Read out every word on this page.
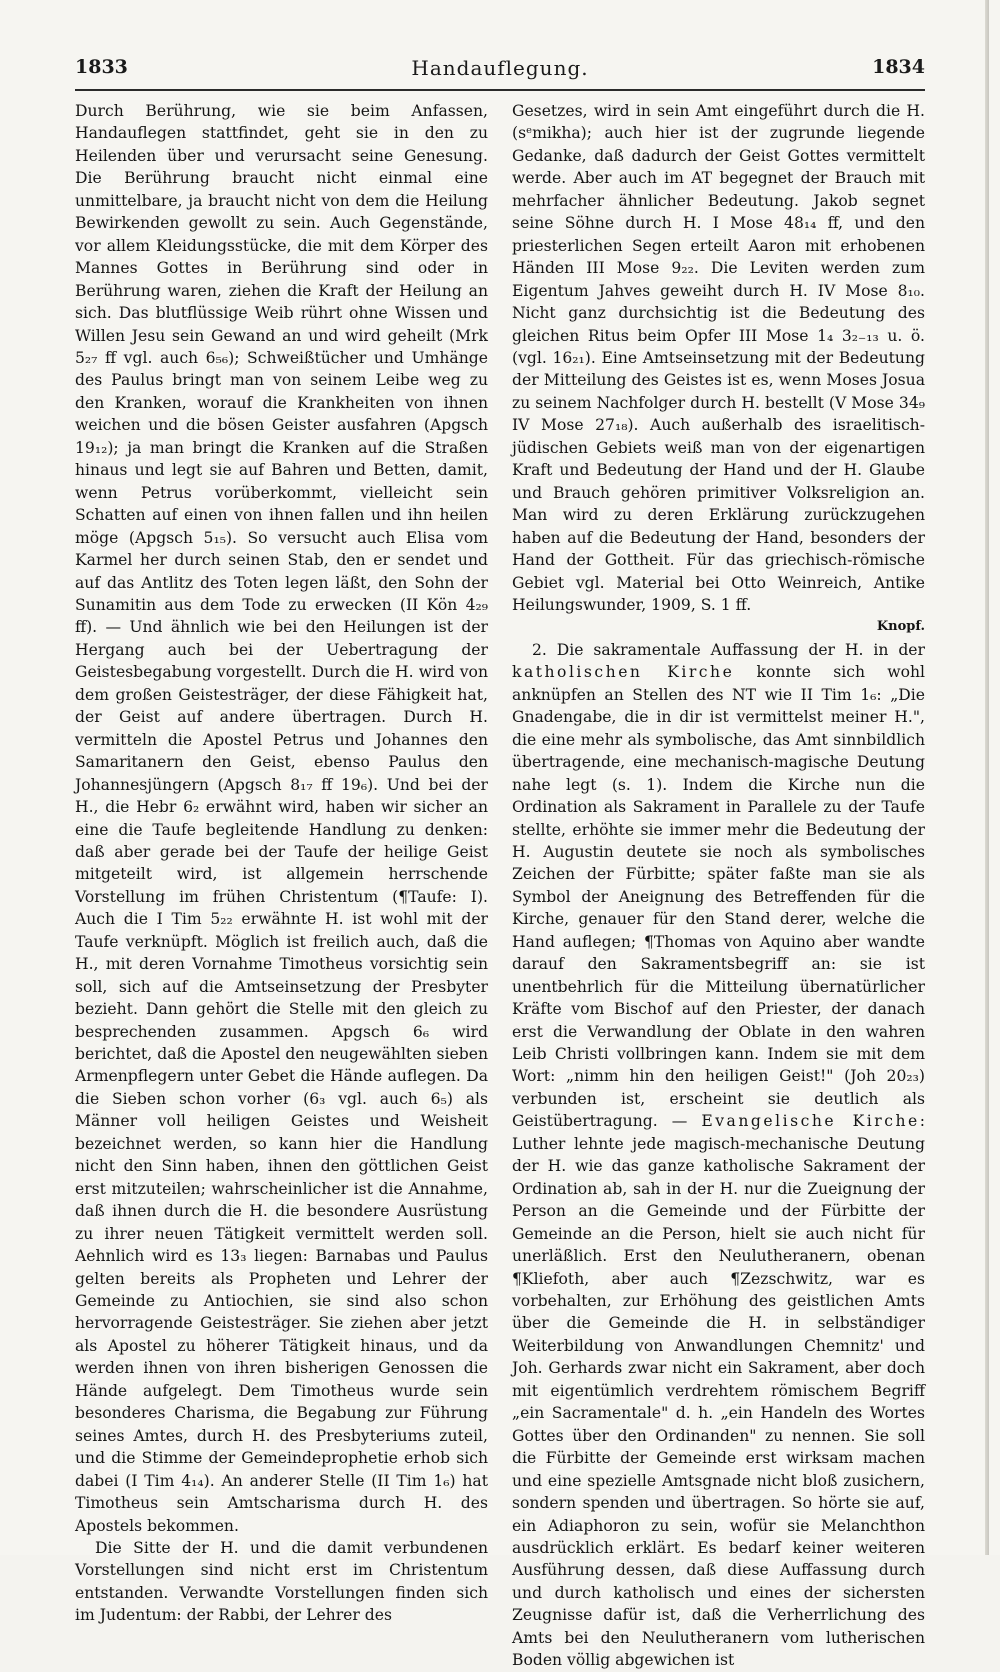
1833	Handauflegung.	1834

Durch Berührung, wie sie beim Anfassen, Handauflegen stattfindet, geht sie in den zu Heilenden über und verursacht seine Genesung. Die Berührung braucht nicht einmal eine unmittelbare, ja braucht nicht von dem die Heilung Bewirkenden gewollt zu sein. Auch Gegenstände, vor allem Kleidungsstücke, die mit dem Körper des Mannes Gottes in Berührung sind oder in Berührung waren, ziehen die Kraft der Heilung an sich. Das blutflüssige Weib rührt ohne Wissen und Willen Jesu sein Gewand an und wird geheilt (Mrk 5₂₇ ff vgl. auch 6₅₆); Schweißtücher und Umhänge des Paulus bringt man von seinem Leibe weg zu den Kranken, worauf die Krankheiten von ihnen weichen und die bösen Geister ausfahren (Apgsch 19₁₂); ja man bringt die Kranken auf die Straßen hinaus und legt sie auf Bahren und Betten, damit, wenn Petrus vorüberkommt, vielleicht sein Schatten auf einen von ihnen fallen und ihn heilen möge (Apgsch 5₁₅). So versucht auch Elisa vom Karmel her durch seinen Stab, den er sendet und auf das Antlitz des Toten legen läßt, den Sohn der Sunamitin aus dem Tode zu erwecken (II Kön 4₂₉ ff). — Und ähnlich wie bei den Heilungen ist der Hergang auch bei der Uebertragung der Geistesbegabung vorgestellt. Durch die H. wird von dem großen Geistesträger, der diese Fähigkeit hat, der Geist auf andere übertragen. Durch H. vermitteln die Apostel Petrus und Johannes den Samaritanern den Geist, ebenso Paulus den Johannesjüngern (Apgsch 8₁₇ ff 19₆). Und bei der H., die Hebr 6₂ erwähnt wird, haben wir sicher an eine die Taufe begleitende Handlung zu denken: daß aber gerade bei der Taufe der heilige Geist mitgeteilt wird, ist allgemein herrschende Vorstellung im frühen Christentum (¶Taufe: I). Auch die I Tim 5₂₂ erwähnte H. ist wohl mit der Taufe verknüpft. Möglich ist freilich auch, daß die H., mit deren Vornahme Timotheus vorsichtig sein soll, sich auf die Amtseinsetzung der Presbyter bezieht. Dann gehört die Stelle mit den gleich zu besprechenden zusammen. Apgsch 6₆ wird berichtet, daß die Apostel den neugewählten sieben Armenpflegern unter Gebet die Hände auflegen. Da die Sieben schon vorher (6₃ vgl. auch 6₅) als Männer voll heiligen Geistes und Weisheit bezeichnet werden, so kann hier die Handlung nicht den Sinn haben, ihnen den göttlichen Geist erst mitzuteilen; wahrscheinlicher ist die Annahme, daß ihnen durch die H. die besondere Ausrüstung zu ihrer neuen Tätigkeit vermittelt werden soll. Aehnlich wird es 13₃ liegen: Barnabas und Paulus gelten bereits als Propheten und Lehrer der Gemeinde zu Antiochien, sie sind also schon hervorragende Geistesträger. Sie ziehen aber jetzt als Apostel zu höherer Tätigkeit hinaus, und da werden ihnen von ihren bisherigen Genossen die Hände aufgelegt. Dem Timotheus wurde sein besonderes Charisma, die Begabung zur Führung seines Amtes, durch H. des Presbyteriums zuteil, und die Stimme der Gemeindeprophetie erhob sich dabei (I Tim 4₁₄). An anderer Stelle (II Tim 1₆) hat Timotheus sein Amtscharisma durch H. des Apostels bekommen.

Die Sitte der H. und die damit verbundenen Vorstellungen sind nicht erst im Christentum entstanden. Verwandte Vorstellungen finden sich im Judentum: der Rabbi, der Lehrer des

Gesetzes, wird in sein Amt eingeführt durch die H. (sᵉmikha); auch hier ist der zugrunde liegende Gedanke, daß dadurch der Geist Gottes vermittelt werde. Aber auch im AT begegnet der Brauch mit mehrfacher ähnlicher Bedeutung. Jakob segnet seine Söhne durch H. I Mose 48₁₄ ff, und den priesterlichen Segen erteilt Aaron mit erhobenen Händen III Mose 9₂₂. Die Leviten werden zum Eigentum Jahves geweiht durch H. IV Mose 8₁₀. Nicht ganz durchsichtig ist die Bedeutung des gleichen Ritus beim Opfer III Mose 1₄ 3₂₋₁₃ u. ö. (vgl. 16₂₁). Eine Amtseinsetzung mit der Bedeutung der Mitteilung des Geistes ist es, wenn Moses Josua zu seinem Nachfolger durch H. bestellt (V Mose 34₉ IV Mose 27₁₈). Auch außerhalb des israelitisch-jüdischen Gebiets weiß man von der eigenartigen Kraft und Bedeutung der Hand und der H. Glaube und Brauch gehören primitiver Volksreligion an. Man wird zu deren Erklärung zurückzugehen haben auf die Bedeutung der Hand, besonders der Hand der Gottheit. Für das griechisch-römische Gebiet vgl. Material bei Otto Weinreich, Antike Heilungswunder, 1909, S. 1 ff.

Knopf.

2. Die sakramentale Auffassung der H. in der katholischen Kirche konnte sich wohl anknüpfen an Stellen des NT wie II Tim 1₆: „Die Gnadengabe, die in dir ist vermittelst meiner H.", die eine mehr als symbolische, das Amt sinnbildlich übertragende, eine mechanisch-magische Deutung nahe legt (s. 1). Indem die Kirche nun die Ordination als Sakrament in Parallele zu der Taufe stellte, erhöhte sie immer mehr die Bedeutung der H. Augustin deutete sie noch als symbolisches Zeichen der Fürbitte; später faßte man sie als Symbol der Aneignung des Betreffenden für die Kirche, genauer für den Stand derer, welche die Hand auflegen; ¶Thomas von Aquino aber wandte darauf den Sakramentsbegriff an: sie ist unentbehrlich für die Mitteilung übernatürlicher Kräfte vom Bischof auf den Priester, der danach erst die Verwandlung der Oblate in den wahren Leib Christi vollbringen kann. Indem sie mit dem Wort: „nimm hin den heiligen Geist!" (Joh 20₂₃) verbunden ist, erscheint sie deutlich als Geistübertragung. — Evangelische Kirche: Luther lehnte jede magisch-mechanische Deutung der H. wie das ganze katholische Sakrament der Ordination ab, sah in der H. nur die Zueignung der Person an die Gemeinde und der Fürbitte der Gemeinde an die Person, hielt sie auch nicht für unerläßlich. Erst den Neulutheranern, obenan ¶Kliefoth, aber auch ¶Zezschwitz, war es vorbehalten, zur Erhöhung des geistlichen Amts über die Gemeinde die H. in selbständiger Weiterbildung von Anwandlungen Chemnitz' und Joh. Gerhards zwar nicht ein Sakrament, aber doch mit eigentümlich verdrehtem römischem Begriff „ein Sacramentale" d. h. „ein Handeln des Wortes Gottes über den Ordinanden" zu nennen. Sie soll die Fürbitte der Gemeinde erst wirksam machen und eine spezielle Amtsgnade nicht bloß zusichern, sondern spenden und übertragen. So hörte sie auf, ein Adiaphoron zu sein, wofür sie Melanchthon ausdrücklich erklärt. Es bedarf keiner weiteren Ausführung dessen, daß diese Auffassung durch und durch katholisch und eines der sichersten Zeugnisse dafür ist, daß die Verherrlichung des Amts bei den Neulutheranern vom lutherischen Boden völlig abgewichen ist
